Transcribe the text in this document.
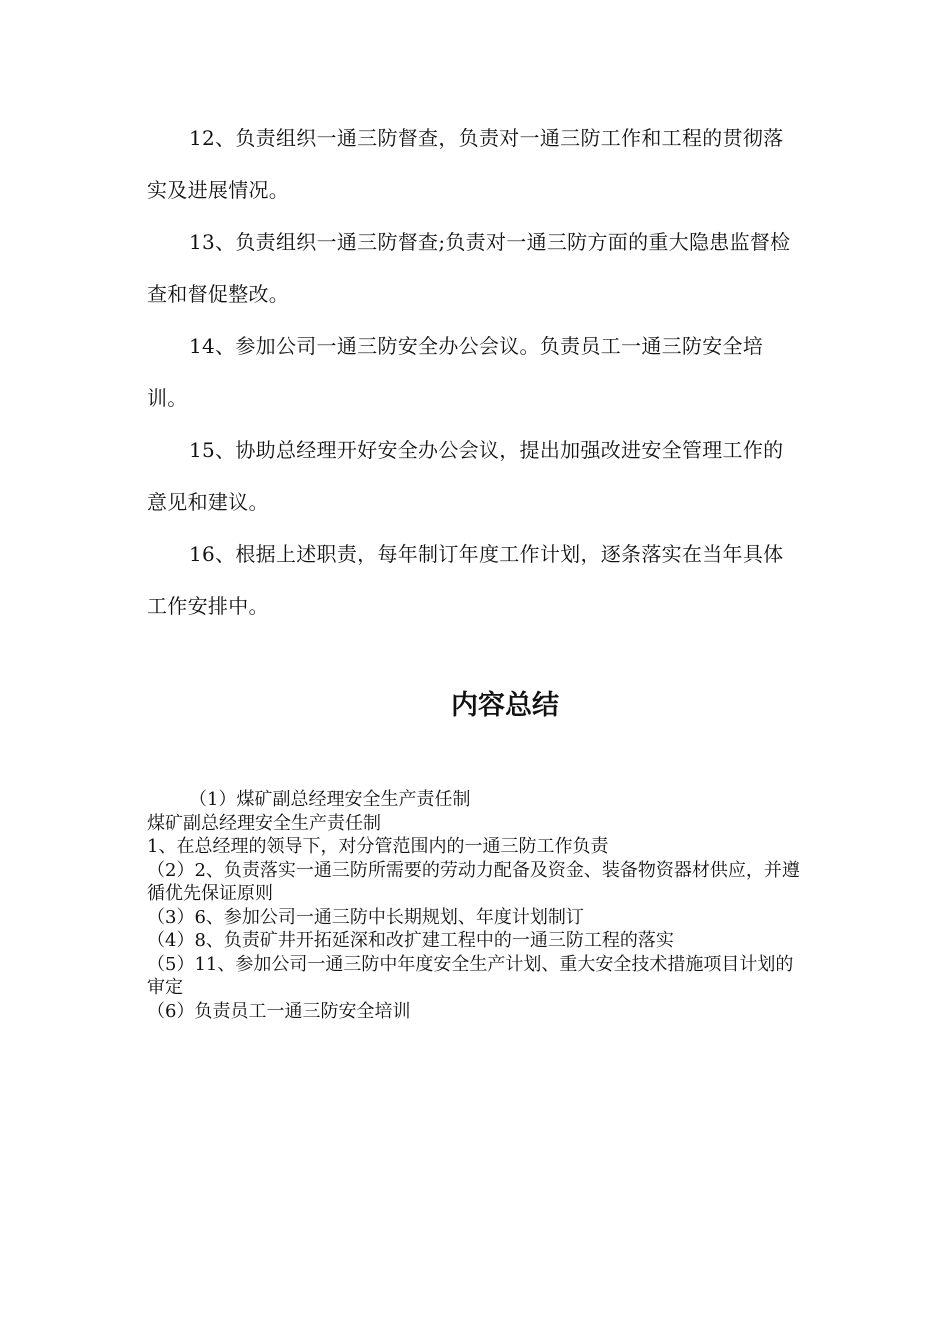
12、负责组织一通三防督查，负责对一通三防工作和工程的贯彻落实及进展情况。

13、负责组织一通三防督查;负责对一通三防方面的重大隐患监督检查和督促整改。

14、参加公司一通三防安全办公会议。负责员工一通三防安全培训。

15、协助总经理开好安全办公会议，提出加强改进安全管理工作的意见和建议。

16、根据上述职责，每年制订年度工作计划，逐条落实在当年具体工作安排中。

内容总结

（1）煤矿副总经理安全生产责任制

煤矿副总经理安全生产责任制

1、在总经理的领导下，对分管范围内的一通三防工作负责

（2）2、负责落实一通三防所需要的劳动力配备及资金、装备物资器材供应，并遵循优先保证原则

（3）6、参加公司一通三防中长期规划、年度计划制订

（4）8、负责矿井开拓延深和改扩建工程中的一通三防工程的落实

（5）11、参加公司一通三防中年度安全生产计划、重大安全技术措施项目计划的审定

（6）负责员工一通三防安全培训
